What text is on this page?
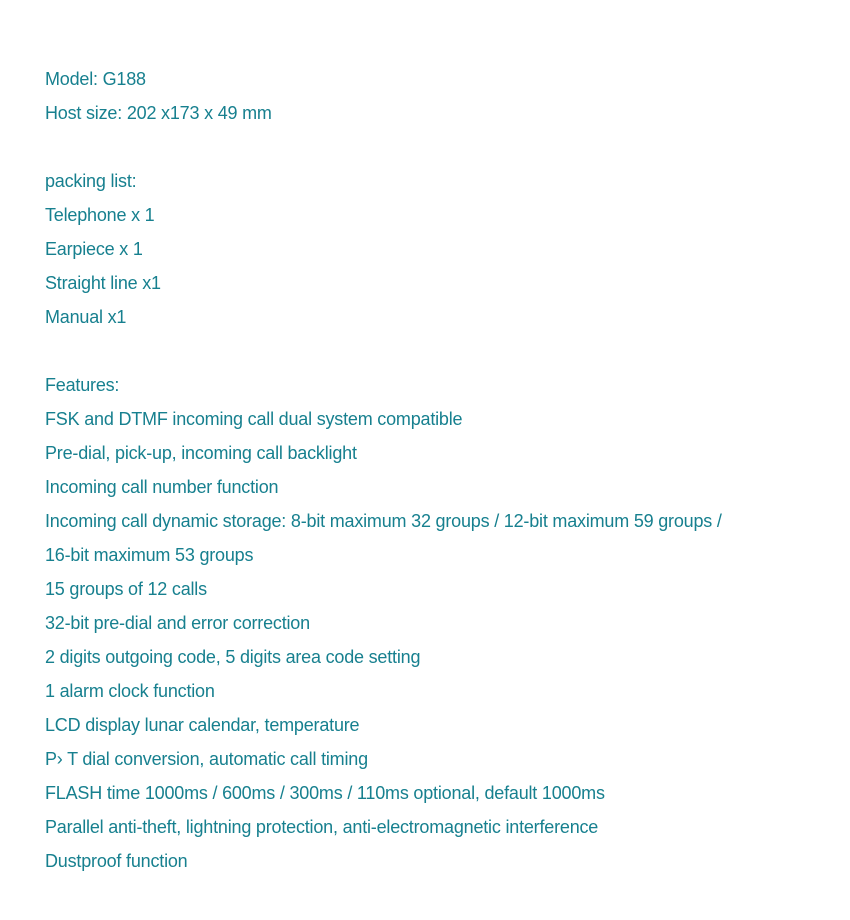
Model: G188
Host size: 202 x173 x 49 mm
packing list:
Telephone x 1
Earpiece x 1
Straight line x1
Manual x1
Features:
FSK and DTMF incoming call dual system compatible
Pre-dial, pick-up, incoming call backlight
Incoming call number function
Incoming call dynamic storage: 8-bit maximum 32 groups / 12-bit maximum 59 groups /
16-bit maximum 53 groups
15 groups of 12 calls
32-bit pre-dial and error correction
2 digits outgoing code, 5 digits area code setting
1 alarm clock function
LCD display lunar calendar, temperature
P› T dial conversion, automatic call timing
FLASH time 1000ms / 600ms / 300ms / 110ms optional, default 1000ms
Parallel anti-theft, lightning protection, anti-electromagnetic interference
Dustproof function
